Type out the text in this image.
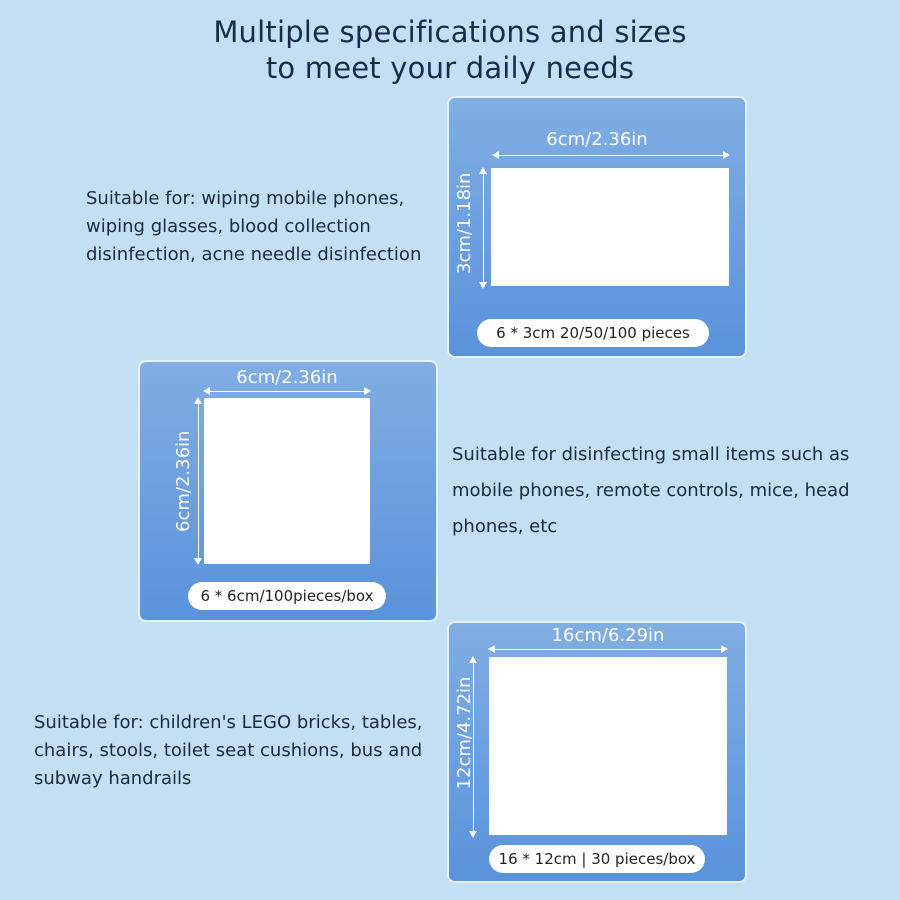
Multiple specifications and sizes
to meet your daily needs
6cm/2.36in
3cm/1.18in
6 * 3cm 20/50/100 pieces
Suitable for: wiping mobile phones,
wiping glasses, blood collection
disinfection, acne needle disinfection
6cm/2.36in
6cm/2.36in
6 * 6cm/100pieces/box
Suitable for disinfecting small items such as
mobile phones, remote controls, mice, head
phones, etc
16cm/6.29in
12cm/4.72in
16 * 12cm | 30 pieces/box
Suitable for: children's LEGO bricks, tables,
chairs, stools, toilet seat cushions, bus and
subway handrails
